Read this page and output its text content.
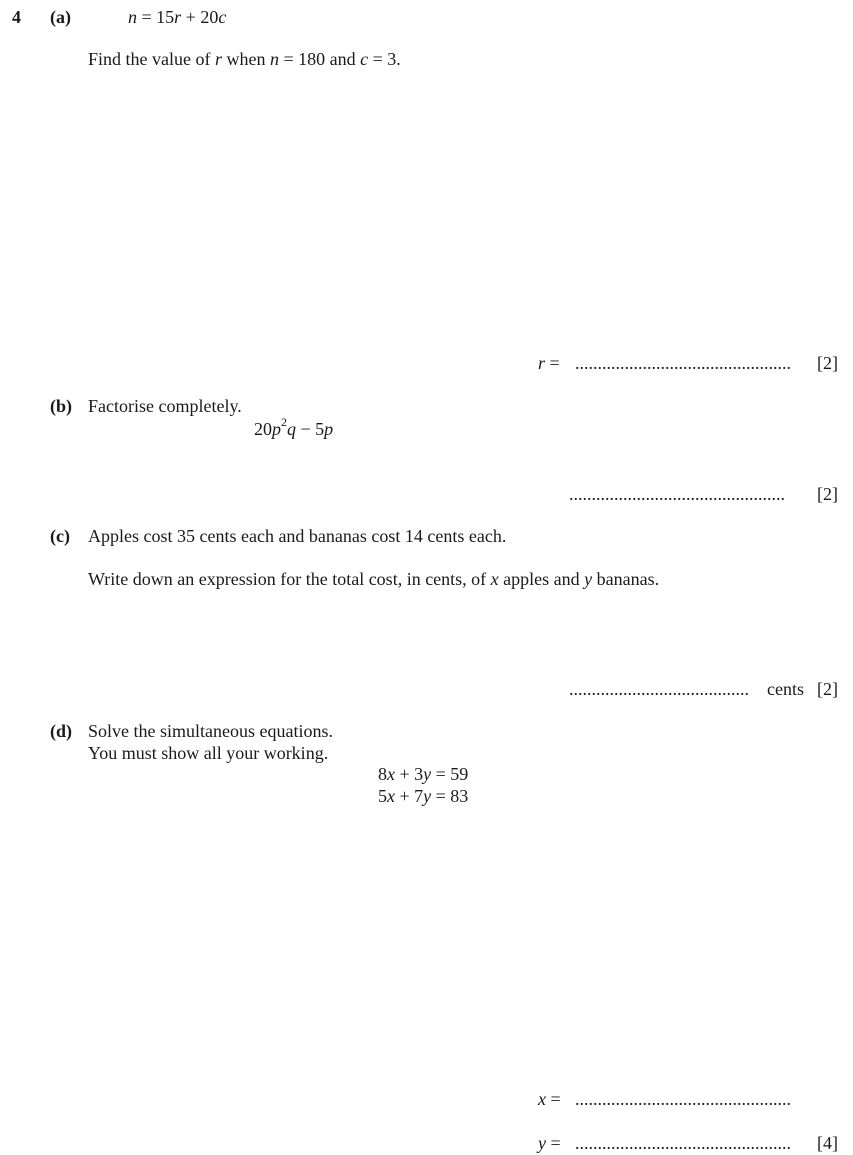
4 (a)	n = 15r + 20c
Find the value of r when n = 180 and c = 3.
r = ................................................ [2]
(b) Factorise completely.
$20p^2q - 5p$
................................................ [2]
(c) Apples cost 35 cents each and bananas cost 14 cents each.
Write down an expression for the total cost, in cents, of x apples and y bananas.
........................................ cents [2]
(d) Solve the simultaneous equations.
You must show all your working.
8x + 3y = 59
5x + 7y = 83
x = ................................................
y = ................................................ [4]
